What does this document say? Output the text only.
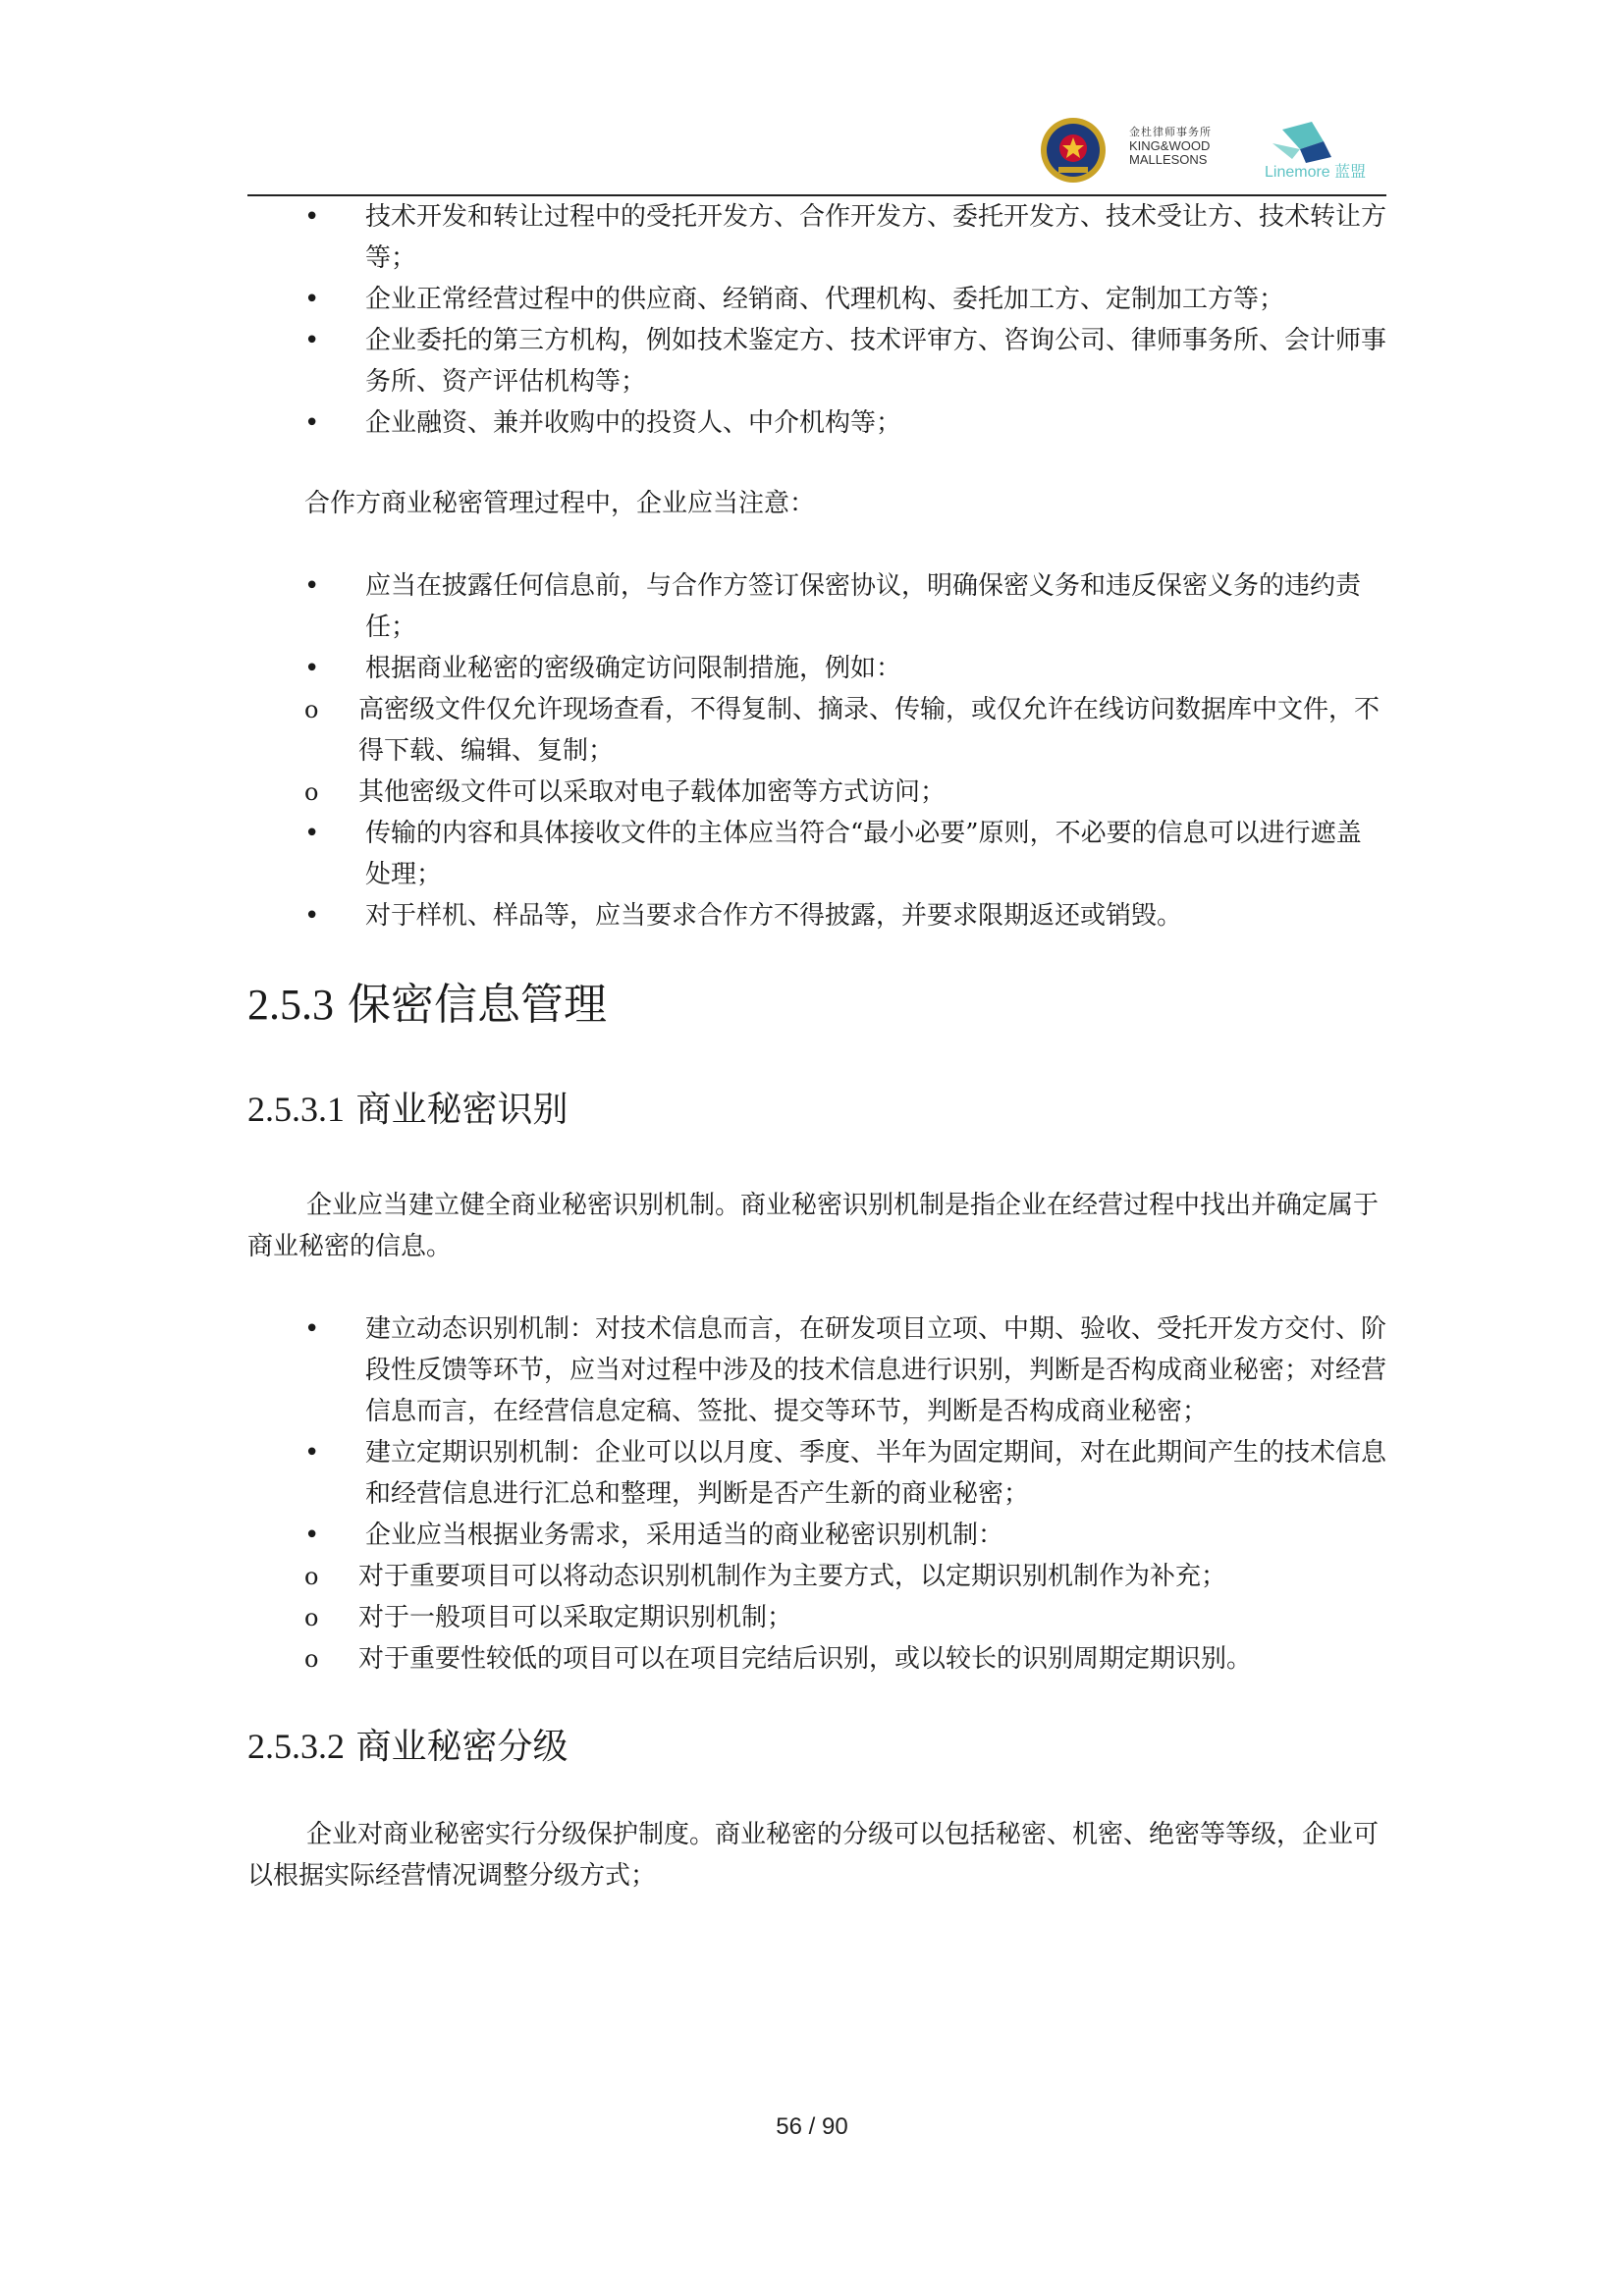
金杜律师事务所
KING&WOOD
MALLESONS
Linemore 蓝盟
• 技术开发和转让过程中的受托开发方、合作开发方、委托开发方、技术受让方、技术转让方等；
• 企业正常经营过程中的供应商、经销商、代理机构、委托加工方、定制加工方等；
• 企业委托的第三方机构，例如技术鉴定方、技术评审方、咨询公司、律师事务所、会计师事务所、资产评估机构等；
• 企业融资、兼并收购中的投资人、中介机构等；
合作方商业秘密管理过程中，企业应当注意：
• 应当在披露任何信息前，与合作方签订保密协议，明确保密义务和违反保密义务的违约责任；
• 根据商业秘密的密级确定访问限制措施，例如：
o 高密级文件仅允许现场查看，不得复制、摘录、传输，或仅允许在线访问数据库中文件，不得下载、编辑、复制；
o 其他密级文件可以采取对电子载体加密等方式访问；
• 传输的内容和具体接收文件的主体应当符合“最小必要”原则，不必要的信息可以进行遮盖处理；
• 对于样机、样品等，应当要求合作方不得披露，并要求限期返还或销毁。
2.5.3 保密信息管理
2.5.3.1 商业秘密识别
企业应当建立健全商业秘密识别机制。商业秘密识别机制是指企业在经营过程中找出并确定属于商业秘密的信息。
• 建立动态识别机制：对技术信息而言，在研发项目立项、中期、验收、受托开发方交付、阶段性反馈等环节，应当对过程中涉及的技术信息进行识别，判断是否构成商业秘密；对经营信息而言，在经营信息定稿、签批、提交等环节，判断是否构成商业秘密；
• 建立定期识别机制：企业可以以月度、季度、半年为固定期间，对在此期间产生的技术信息和经营信息进行汇总和整理，判断是否产生新的商业秘密；
• 企业应当根据业务需求，采用适当的商业秘密识别机制：
o 对于重要项目可以将动态识别机制作为主要方式，以定期识别机制作为补充；
o 对于一般项目可以采取定期识别机制；
o 对于重要性较低的项目可以在项目完结后识别，或以较长的识别周期定期识别。
2.5.3.2 商业秘密分级
企业对商业秘密实行分级保护制度。商业秘密的分级可以包括秘密、机密、绝密等等级，企业可以根据实际经营情况调整分级方式；
56 / 90
